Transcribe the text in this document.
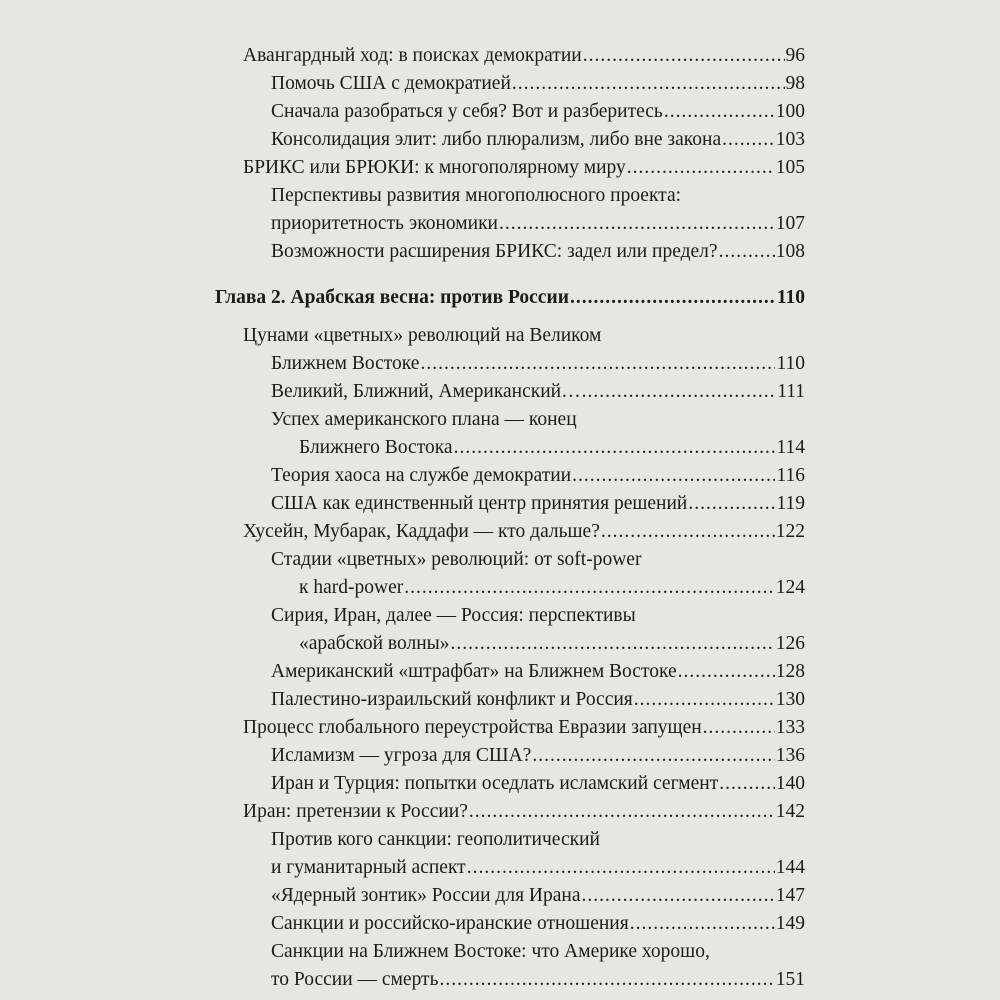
Авангардный ход: в поисках демократии .....	96
Помочь США с демократией .....	98
Сначала разобраться у себя? Вот и разберитесь .....	100
Консолидация элит: либо плюрализм, либо вне закона .....	103
БРИКС или БРЮКИ: к многополярному миру .....	105
Перспективы развития многополюсного проекта:
приоритетность экономики .....	107
Возможности расширения БРИКС: задел или предел? .....	108
Глава 2. Арабская весна: против России .....	110
Цунами «цветных» революций на Великом
Ближнем Востоке .....	110
Великий, Ближний, Американский… .....	111
Успех американского плана — конец
Ближнего Востока .....	114
Теория хаоса на службе демократии .....	116
США как единственный центр принятия решений .....	119
Хусейн, Мубарак, Каддафи — кто дальше? .....	122
Стадии «цветных» революций: от soft-power
к hard-power .....	124
Сирия, Иран, далее — Россия: перспективы
«арабской волны» .....	126
Американский «штрафбат» на Ближнем Востоке .....	128
Палестино-израильский конфликт и Россия .....	130
Процесс глобального переустройства Евразии запущен .....	133
Исламизм — угроза для США? .....	136
Иран и Турция: попытки оседлать исламский сегмент .....	140
Иран: претензии к России? .....	142
Против кого санкции: геополитический
и гуманитарный аспект .....	144
«Ядерный зонтик» России для Ирана .....	147
Санкции и российско-иранские отношения .....	149
Санкции на Ближнем Востоке: что Америке хорошо,
то России — смерть .....	151
